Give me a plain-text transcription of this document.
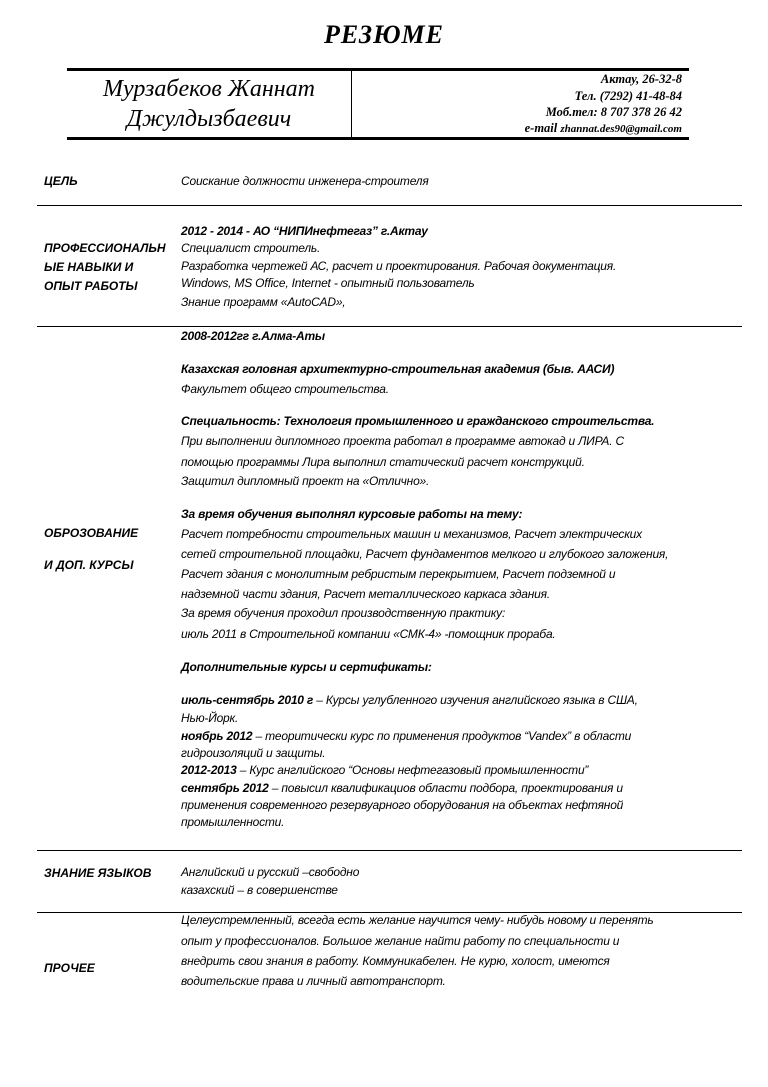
РЕЗЮМЕ
Мурзабеков Жаннат
Джулдызбаевич
Актау, 26-32-8
Тел. (7292) 41-48-84
Моб.тел: 8 707 378 26 42
e-mail zhannat.des90@gmail.com
ЦЕЛЬ	Соискание должности инженера-строителя
ПРОФЕССИОНАЛЬН
ЫЕ НАВЫКИ И
ОПЫТ РАБОТЫ
2012 - 2014 - АО “НИПИнефтегаз” г.Актау
Специалист строитель.
Разработка чертежей АС, расчет и проектирования. Рабочая документация.
Windows, MS Office, Internet - опытный пользователь
Знание программ «AutoCAD»,
ОБРОЗОВАНИЕ
И ДОП. КУРСЫ
2008-2012гг г.Алма-Аты
Казахская головная архитектурно-строительная академия (быв. ААСИ)
Факультет общего строительства.
Специальность: Технология промышленного и гражданского строительства.
При выполнении дипломного проекта работал в программе автокад и ЛИРА. С
помощью программы Лира выполнил статический расчет конструкций.
Защитил дипломный проект на «Отлично».
За время обучения выполнял курсовые работы на тему:
Расчет потребности строительных машин и механизмов, Расчет электрических
сетей строительной площадки, Расчет фундаментов мелкого и глубокого заложения,
Расчет здания с монолитным ребристым перекрытием, Расчет подземной и
надземной части здания, Расчет металлического каркаса здания.
За время обучения проходил производственную практику:
июль 2011 в Строительной компании «СМК-4» -помощник прораба.
Дополнительные курсы и сертификаты:
июль-сентябрь 2010 г – Курсы углубленного изучения английского языка в США,
Нью-Йорк.
ноябрь 2012 – теоритически курс по применения продуктов “Vandex” в области
гидроизоляций и защиты.
2012-2013 – Курс английского “Основы нефтегазовый промышленности”
сентябрь 2012 – повысил квалификациов области подбора, проектирования и
применения современного резервуарного оборудования на объектах нефтяной
промышленности.
ЗНАНИЕ ЯЗЫКОВ Английский и русский –свободно
казахский – в совершенстве
ПРОЧЕЕ
Целеустремленный, всегда есть желание научится чему- нибудь новому и перенять
опыт у профессионалов. Большое желание найти работу по специальности и
внедрить свои знания в работу. Коммуникабелен. Не курю, холост, имеются
водительские права и личный автотранспорт.
